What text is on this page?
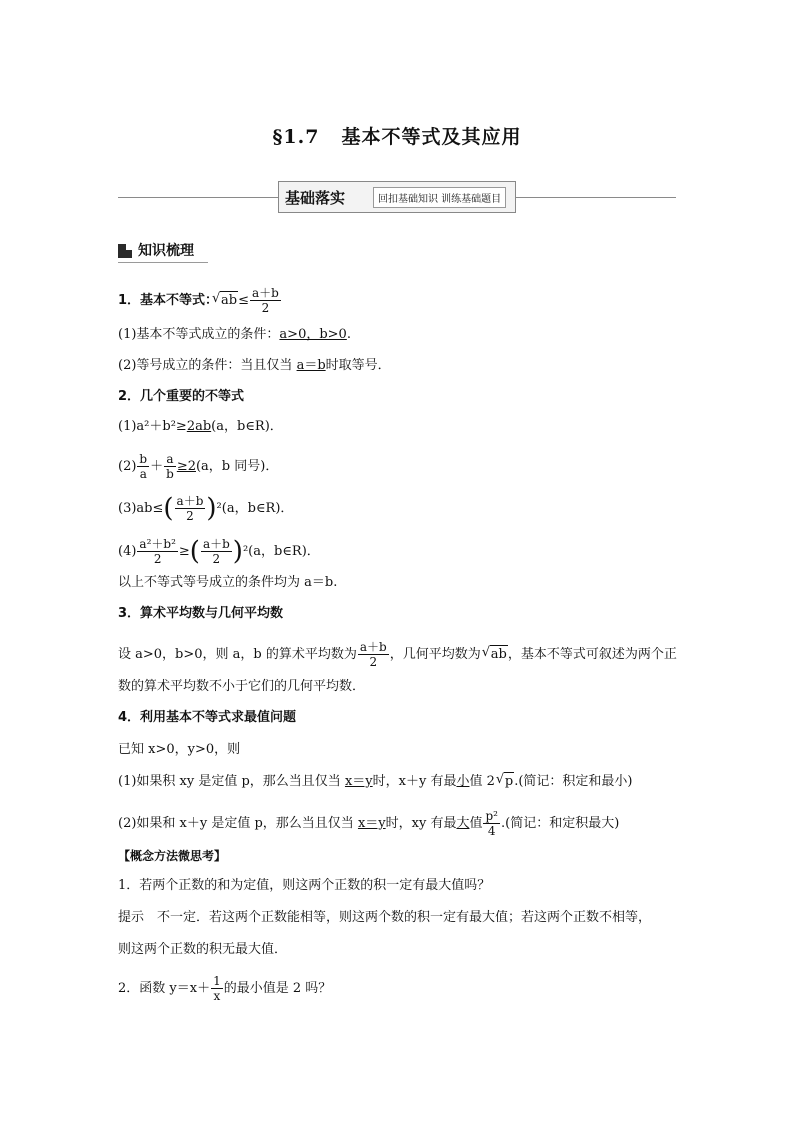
§1.7 基本不等式及其应用
基础落实	回扣基础知识 训练基础题目
知识梳理
1．基本不等式： √ $ab\le \frac{a+b}{2}$
(1)基本不等式成立的条件：a>0，b>0.
(2)等号成立的条件：当且仅当 a＝b时取等号．
2．几个重要的不等式
(1)a²＋b²≥2ab(a，b∈R)．
$(2) \frac{b}{a} + \frac{a}{b} \ge 2(a$，b 同号)．
$(3)ab\le( \frac{a+b}{2} )^2(a$，b∈R)．
$(4) \frac{\text{a²＋b²}}{2}$ ≥( $\frac{a+b}{2} )^2(a$，b∈R)．
以上不等式等号成立的条件均为 a＝b.
3．算术平均数与几何平均数
设 a>0，b>0，则 a，b 的算术平均数为 $\frac{a+b}{2}$ ，几何平均数为 √ ab，基本不等式可叙述为两个正
数的算术平均数不小于它们的几何平均数．
4．利用基本不等式求最值问题
已知 x>0，y>0，则
(1)如果积 xy 是定值 p，那么当且仅当 x＝y时，x＋y 有最小值 2 √ p.(简记：积定和最小)
(2)如果和 x＋y 是定值 p，那么当且仅当 x＝y时，xy 有最大值 $\frac{\text{p²}}{4}$ .(简记：和定积最大)
【概念方法微思考】
1．若两个正数的和为定值，则这两个正数的积一定有最大值吗？
提示　不一定．若这两个正数能相等，则这两个数的积一定有最大值；若这两个正数不相等，
则这两个正数的积无最大值．
2．函数 $y=x+ \frac{1}{x}$ 的最小值是 2 吗？
